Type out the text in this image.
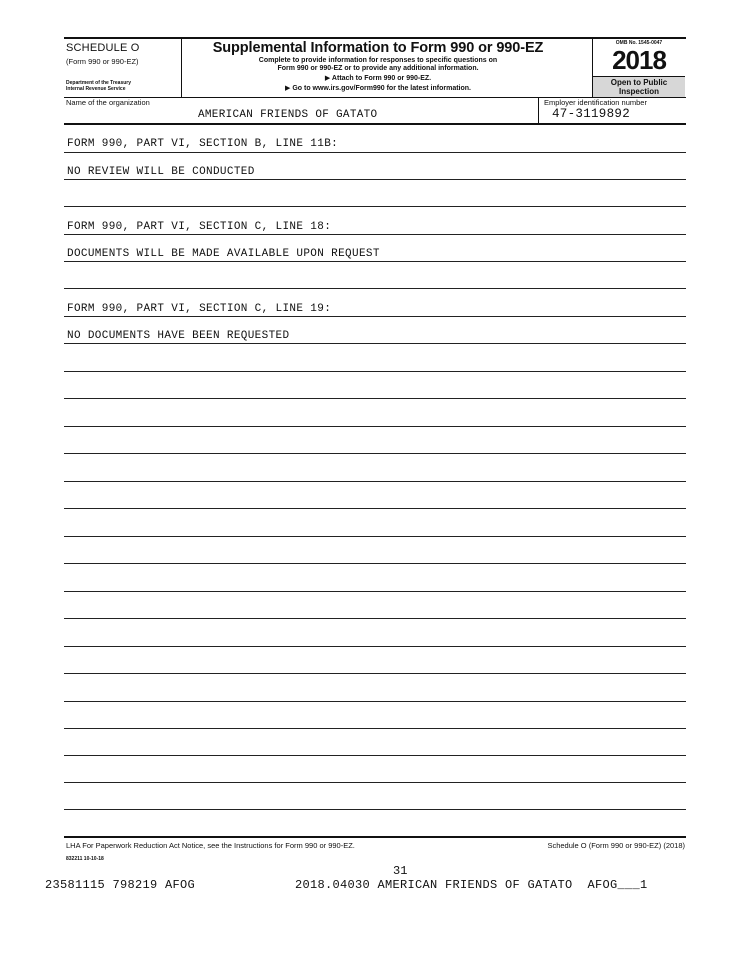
SCHEDULE O
(Form 990 or 990-EZ)
Department of the Treasury
Internal Revenue Service
Supplemental Information to Form 990 or 990-EZ
Complete to provide information for responses to specific questions on
Form 990 or 990-EZ or to provide any additional information.
▶ Attach to Form 990 or 990-EZ.
▶ Go to www.irs.gov/Form990 for the latest information.
OMB No. 1545-0047
2018
Open to Public
Inspection
Name of the organization	Employer identification number
AMERICAN FRIENDS OF GATATO	47-3119892
FORM 990, PART VI, SECTION B, LINE 11B:
NO REVIEW WILL BE CONDUCTED
FORM 990, PART VI, SECTION C, LINE 18:
DOCUMENTS WILL BE MADE AVAILABLE UPON REQUEST
FORM 990, PART VI, SECTION C, LINE 19:
NO DOCUMENTS HAVE BEEN REQUESTED
LHA For Paperwork Reduction Act Notice, see the Instructions for Form 990 or 990-EZ.	Schedule O (Form 990 or 990-EZ) (2018)
832211 10-10-18
31
23581115 798219 AFOG	2018.04030 AMERICAN FRIENDS OF GATATO  AFOG___1
